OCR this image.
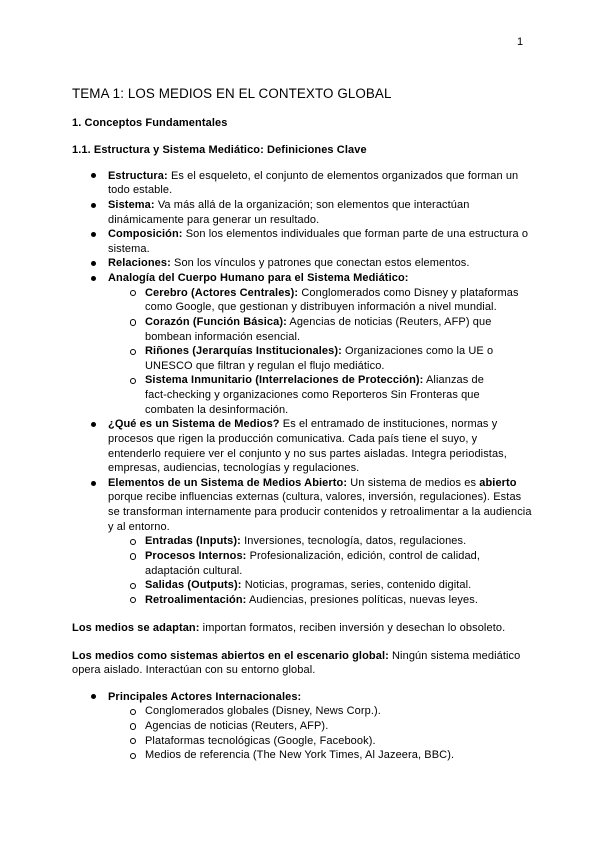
1
TEMA 1: LOS MEDIOS EN EL CONTEXTO GLOBAL
1. Conceptos Fundamentales
1.1. Estructura y Sistema Mediático: Definiciones Clave
Estructura: Es el esqueleto, el conjunto de elementos organizados que forman un
todo estable.
Sistema: Va más allá de la organización; son elementos que interactúan
dinámicamente para generar un resultado.
Composición: Son los elementos individuales que forman parte de una estructura o
sistema.
Relaciones: Son los vínculos y patrones que conectan estos elementos.
Analogía del Cuerpo Humano para el Sistema Mediático:
Cerebro (Actores Centrales): Conglomerados como Disney y plataformas
como Google, que gestionan y distribuyen información a nivel mundial.
Corazón (Función Básica): Agencias de noticias (Reuters, AFP) que
bombean información esencial.
Riñones (Jerarquías Institucionales): Organizaciones como la UE o
UNESCO que filtran y regulan el flujo mediático.
Sistema Inmunitario (Interrelaciones de Protección): Alianzas de
fact-checking y organizaciones como Reporteros Sin Fronteras que
combaten la desinformación.
¿Qué es un Sistema de Medios? Es el entramado de instituciones, normas y
procesos que rigen la producción comunicativa. Cada país tiene el suyo, y
entenderlo requiere ver el conjunto y no sus partes aisladas. Integra periodistas,
empresas, audiencias, tecnologías y regulaciones.
Elementos de un Sistema de Medios Abierto: Un sistema de medios es abierto
porque recibe influencias externas (cultura, valores, inversión, regulaciones). Estas
se transforman internamente para producir contenidos y retroalimentar a la audiencia
y al entorno.
Entradas (Inputs): Inversiones, tecnología, datos, regulaciones.
Procesos Internos: Profesionalización, edición, control de calidad,
adaptación cultural.
Salidas (Outputs): Noticias, programas, series, contenido digital.
Retroalimentación: Audiencias, presiones políticas, nuevas leyes.

Los medios se adaptan: importan formatos, reciben inversión y desechan lo obsoleto.

Los medios como sistemas abiertos en el escenario global: Ningún sistema mediático
opera aislado. Interactúan con su entorno global.
Principales Actores Internacionales:
Conglomerados globales (Disney, News Corp.).
Agencias de noticias (Reuters, AFP).
Plataformas tecnológicas (Google, Facebook).
Medios de referencia (The New York Times, Al Jazeera, BBC).
